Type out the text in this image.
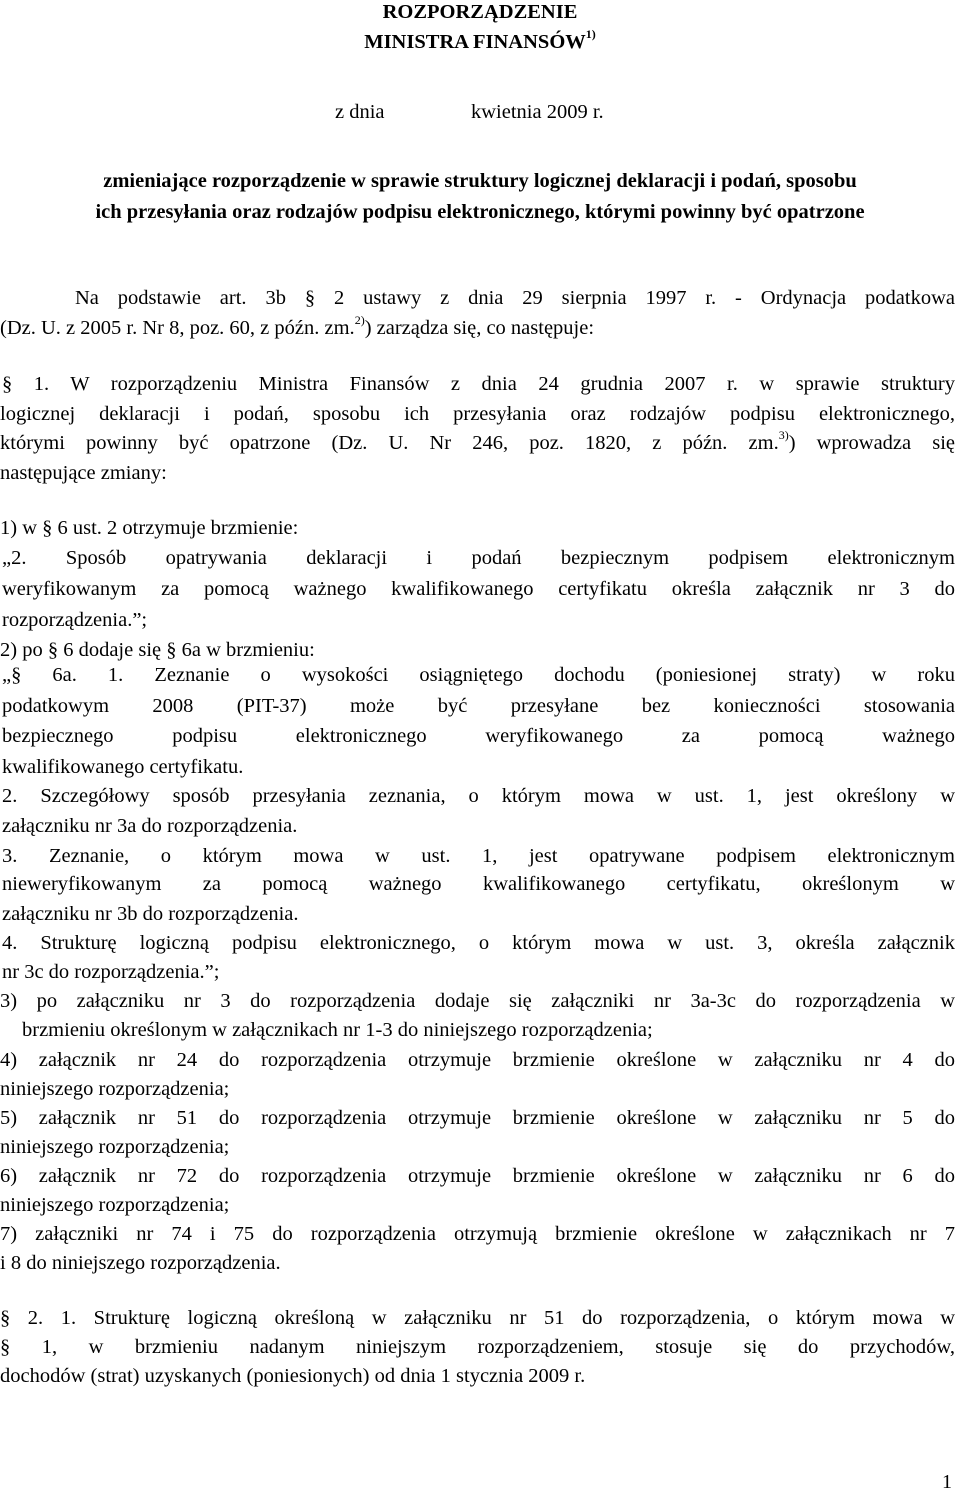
ROZPORZĄDZENIE
MINISTRA FINANSÓW$^{1)}$
z dnia	kwietnia 2009 r.
zmieniające rozporządzenie w sprawie struktury logicznej deklaracji i podań, sposobu
ich przesyłania oraz rodzajów podpisu elektronicznego, którymi powinny być opatrzone
Na podstawie art. 3b § 2 ustawy z dnia 29 sierpnia 1997 r. - Ordynacja podatkowa
(Dz. U. z 2005 r. Nr 8, poz. 60, z późn. zm.$^{2)}$) zarządza się, co następuje:
§ 1. W rozporządzeniu Ministra Finansów z dnia 24 grudnia 2007 r. w sprawie struktury
logicznej deklaracji i podań, sposobu ich przesyłania oraz rodzajów podpisu elektronicznego,
którymi powinny być opatrzone (Dz. U. Nr 246, poz. 1820, z późn. zm.$^{3)}$) wprowadza się
następujące zmiany:
1) w § 6 ust. 2 otrzymuje brzmienie:
„2. Sposób opatrywania deklaracji i podań bezpiecznym podpisem elektronicznym
weryfikowanym za pomocą ważnego kwalifikowanego certyfikatu określa załącznik nr 3 do
rozporządzenia.”;
2) po § 6 dodaje się § 6a w brzmieniu:
„§ 6a. 1. Zeznanie o wysokości osiągniętego dochodu (poniesionej straty) w roku
podatkowym 2008 (PIT-37) może być przesyłane bez konieczności stosowania
bezpiecznego podpisu elektronicznego weryfikowanego za pomocą ważnego
kwalifikowanego certyfikatu.
2. Szczegółowy sposób przesyłania zeznania, o którym mowa w ust. 1, jest określony w
załączniku nr 3a do rozporządzenia.
3. Zeznanie, o którym mowa w ust. 1, jest opatrywane podpisem elektronicznym
nieweryfikowanym za pomocą ważnego kwalifikowanego certyfikatu, określonym w
załączniku nr 3b do rozporządzenia.
4. Strukturę logiczną podpisu elektronicznego, o którym mowa w ust. 3, określa załącznik
nr 3c do rozporządzenia.”;
3) po załączniku nr 3 do rozporządzenia dodaje się załączniki nr 3a-3c do rozporządzenia w
brzmieniu określonym w załącznikach nr 1-3 do niniejszego rozporządzenia;
4) załącznik nr 24 do rozporządzenia otrzymuje brzmienie określone w załączniku nr 4 do
niniejszego rozporządzenia;
5) załącznik nr 51 do rozporządzenia otrzymuje brzmienie określone w załączniku nr 5 do
niniejszego rozporządzenia;
6) załącznik nr 72 do rozporządzenia otrzymuje brzmienie określone w załączniku nr 6 do
niniejszego rozporządzenia;
7) załączniki nr 74 i 75 do rozporządzenia otrzymują brzmienie określone w załącznikach nr 7
i 8 do niniejszego rozporządzenia.
§ 2. 1. Strukturę logiczną określoną w załączniku nr 51 do rozporządzenia, o którym mowa w
§ 1, w brzmieniu nadanym niniejszym rozporządzeniem, stosuje się do przychodów,
dochodów (strat) uzyskanych (poniesionych) od dnia 1 stycznia 2009 r.
1
